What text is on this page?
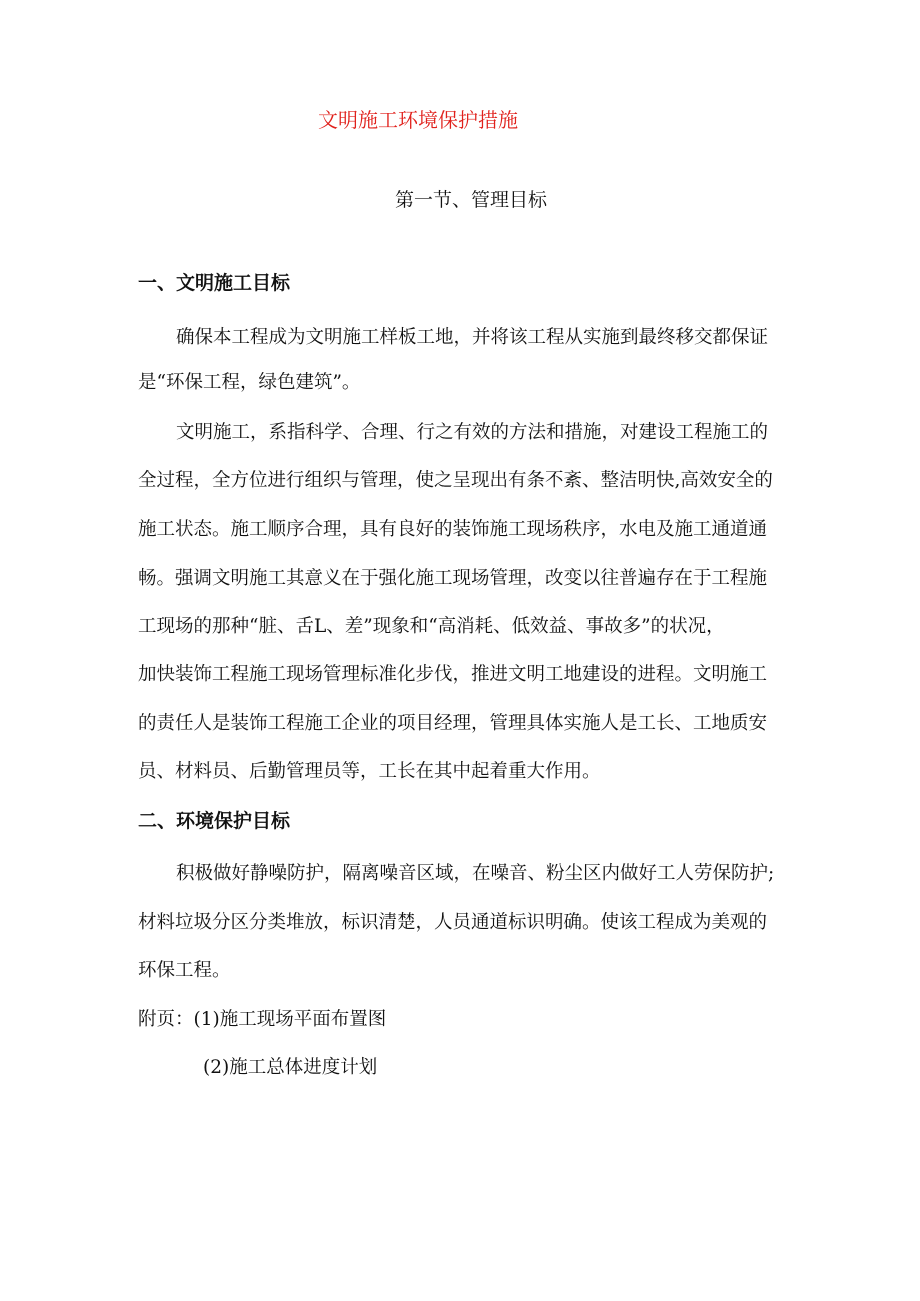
文明施工环境保护措施
第一节、管理目标
一、文明施工目标
确保本工程成为文明施工样板工地，并将该工程从实施到最终移交都保证
是“环保工程，绿色建筑”。
文明施工，系指科学、合理、行之有效的方法和措施，对建设工程施工的
全过程，全方位进行组织与管理，使之呈现出有条不紊、整洁明快,高效安全的
施工状态。施工顺序合理，具有良好的装饰施工现场秩序，水电及施工通道通
畅。强调文明施工其意义在于强化施工现场管理，改变以往普遍存在于工程施
工现场的那种“脏、舌L、差”现象和“高消耗、低效益、事故多”的状况，
加快装饰工程施工现场管理标准化步伐，推进文明工地建设的进程。文明施工
的责任人是装饰工程施工企业的项目经理，管理具体实施人是工长、工地质安
员、材料员、后勤管理员等，工长在其中起着重大作用。
二、环境保护目标
积极做好静噪防护，隔离噪音区域，在噪音、粉尘区内做好工人劳保防护;
材料垃圾分区分类堆放，标识清楚，人员通道标识明确。使该工程成为美观的
环保工程。
附页：(1)施工现场平面布置图
(2)施工总体进度计划
